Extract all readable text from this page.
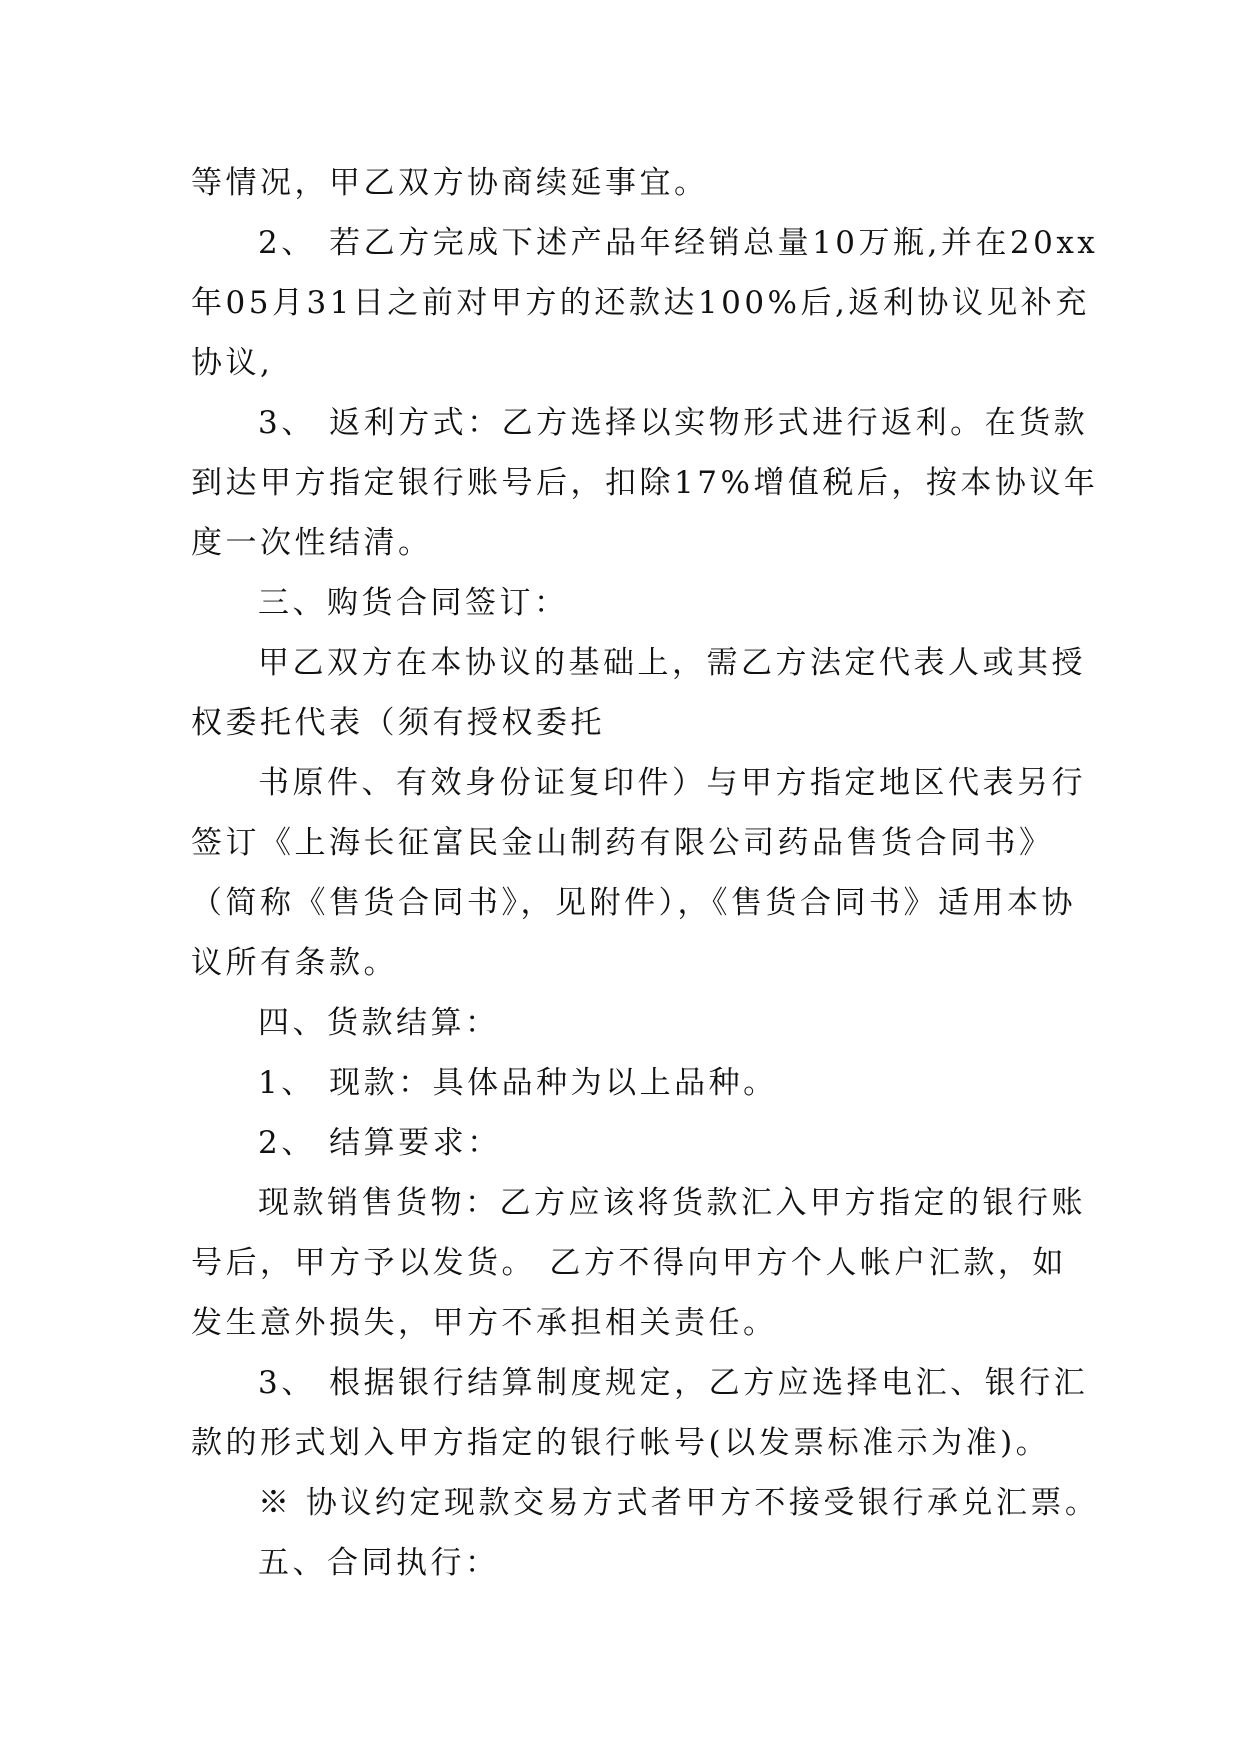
等情况，甲乙双方协商续延事宜。
2、 若乙方完成下述产品年经销总量10万瓶,并在20xx
年05月31日之前对甲方的还款达100%后,返利协议见补充
协议,
3、 返利方式：乙方选择以实物形式进行返利。在货款
到达甲方指定银行账号后，扣除17%增值税后，按本协议年
度一次性结清。
三、购货合同签订：
甲乙双方在本协议的基础上，需乙方法定代表人或其授
权委托代表（须有授权委托
书原件、有效身份证复印件）与甲方指定地区代表另行
签订《上海长征富民金山制药有限公司药品售货合同书》
（简称《售货合同书》，见附件），《售货合同书》适用本协
议所有条款。
四、货款结算：
1、 现款：具体品种为以上品种。
2、 结算要求：
现款销售货物：乙方应该将货款汇入甲方指定的银行账
号后，甲方予以发货。 乙方不得向甲方个人帐户汇款，如
发生意外损失，甲方不承担相关责任。
3、 根据银行结算制度规定，乙方应选择电汇、银行汇
款的形式划入甲方指定的银行帐号(以发票标准示为准)。
※ 协议约定现款交易方式者甲方不接受银行承兑汇票。
五、合同执行：
